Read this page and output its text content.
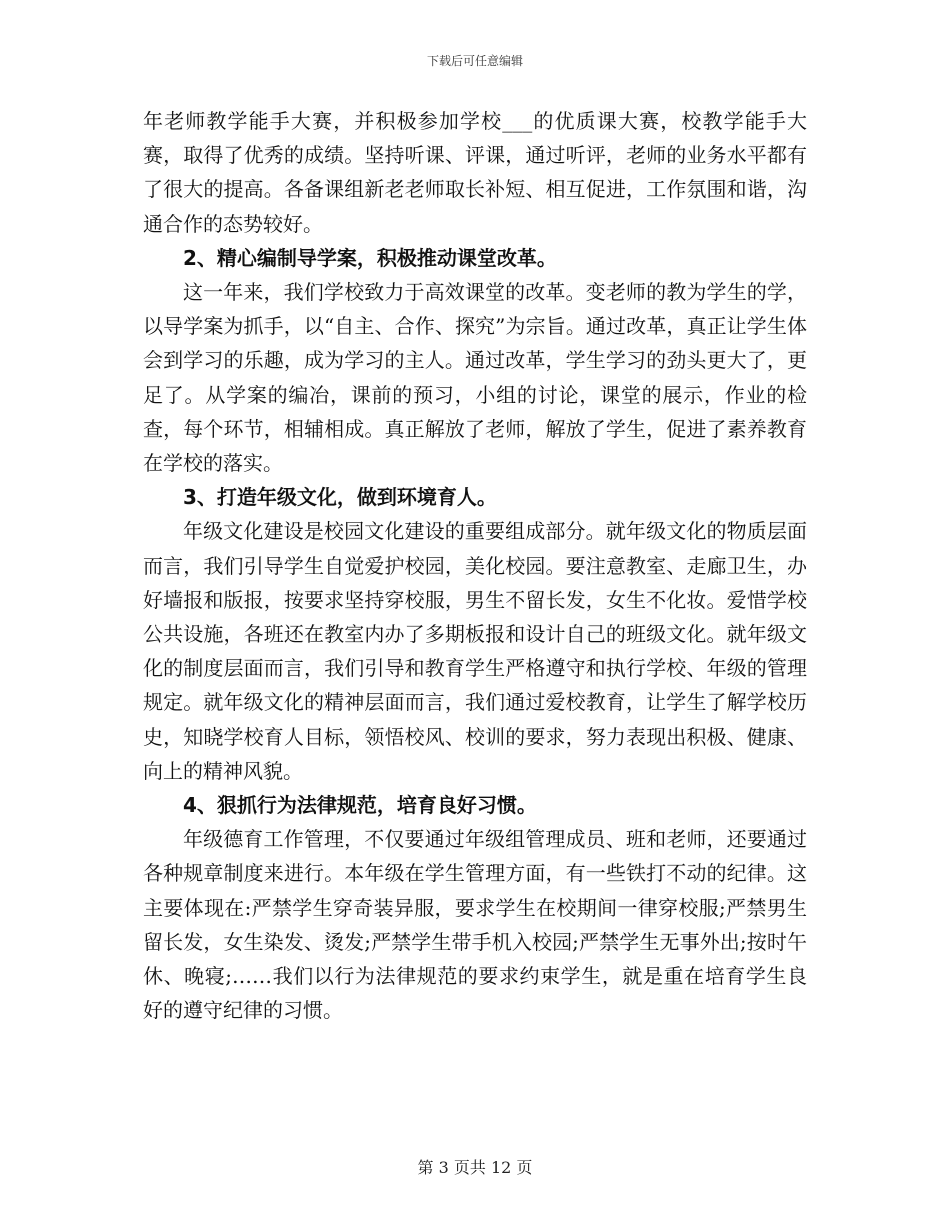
下载后可任意编辑

年老师教学能手大赛，并积极参加学校___的优质课大赛，校教学能手大赛，取得了优秀的成绩。坚持听课、评课，通过听评，老师的业务水平都有了很大的提高。各备课组新老老师取长补短、相互促进，工作氛围和谐，沟通合作的态势较好。

2、精心编制导学案，积极推动课堂改革。

这一年来，我们学校致力于高效课堂的改革。变老师的教为学生的学，以导学案为抓手，以“自主、合作、探究”为宗旨。通过改革，真正让学生体会到学习的乐趣，成为学习的主人。通过改革，学生学习的劲头更大了，更足了。从学案的编冶，课前的预习，小组的讨论，课堂的展示，作业的检查，每个环节，相辅相成。真正解放了老师，解放了学生，促进了素养教育在学校的落实。

3、打造年级文化，做到环境育人。

年级文化建设是校园文化建设的重要组成部分。就年级文化的物质层面而言，我们引导学生自觉爱护校园，美化校园。要注意教室、走廊卫生，办好墙报和版报，按要求坚持穿校服，男生不留长发，女生不化妆。爱惜学校公共设施，各班还在教室内办了多期板报和设计自己的班级文化。就年级文化的制度层面而言，我们引导和教育学生严格遵守和执行学校、年级的管理规定。就年级文化的精神层面而言，我们通过爱校教育，让学生了解学校历史，知晓学校育人目标，领悟校风、校训的要求，努力表现出积极、健康、向上的精神风貌。

4、狠抓行为法律规范，培育良好习惯。

年级德育工作管理，不仅要通过年级组管理成员、班和老师，还要通过各种规章制度来进行。本年级在学生管理方面，有一些铁打不动的纪律。这主要体现在:严禁学生穿奇装异服，要求学生在校期间一律穿校服;严禁男生留长发，女生染发、烫发;严禁学生带手机入校园;严禁学生无事外出;按时午休、晚寝;……我们以行为法律规范的要求约束学生，就是重在培育学生良好的遵守纪律的习惯。

第 3 页共 12 页
